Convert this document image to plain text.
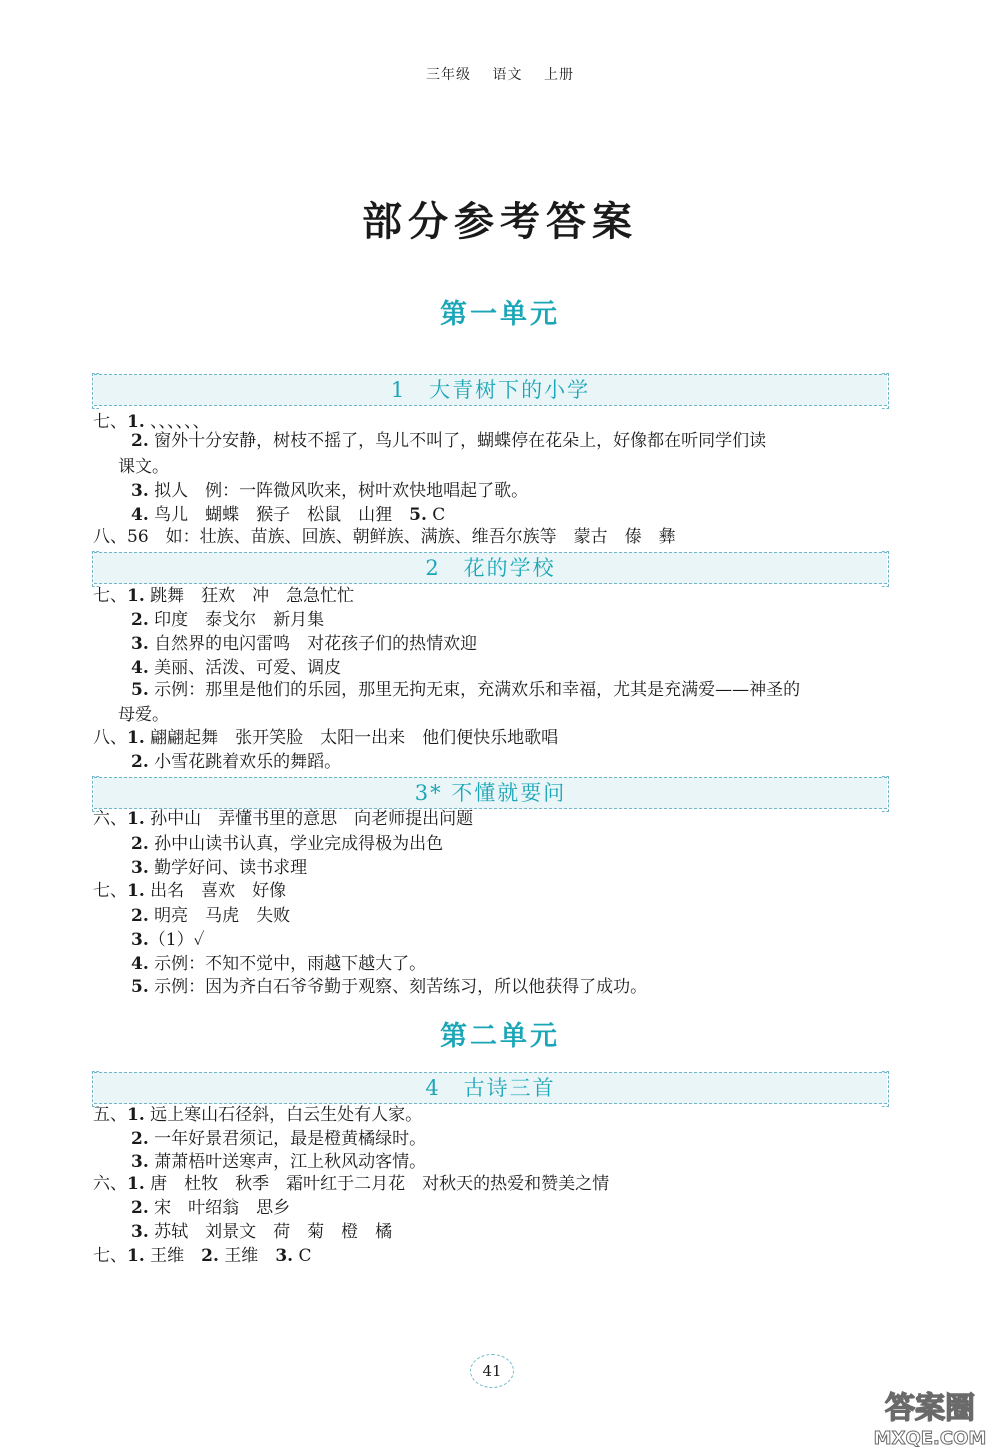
三年级 语文 上册
部分参考答案
第一单元
1　大青树下的小学
七、1. 、、、、、、
2. 窗外十分安静，树枝不摇了，鸟儿不叫了，蝴蝶停在花朵上，好像都在听同学们读
课文。
3. 拟人　例：一阵微风吹来，树叶欢快地唱起了歌。
4. 鸟儿　蝴蝶　猴子　松鼠　山狸　5. C
八、56　如：壮族、苗族、回族、朝鲜族、满族、维吾尔族等　蒙古　傣　彝
2　花的学校
七、1. 跳舞　狂欢　冲　急急忙忙
2. 印度　泰戈尔　新月集
3. 自然界的电闪雷鸣　对花孩子们的热情欢迎
4. 美丽、活泼、可爱、调皮
5. 示例：那里是他们的乐园，那里无拘无束，充满欢乐和幸福，尤其是充满爱——神圣的
母爱。
八、1. 翩翩起舞　张开笑脸　太阳一出来　他们便快乐地歌唱
2. 小雪花跳着欢乐的舞蹈。
3* 不懂就要问
六、1. 孙中山　弄懂书里的意思　向老师提出问题
2. 孙中山读书认真，学业完成得极为出色
3. 勤学好问、读书求理
七、1. 出名　喜欢　好像
2. 明亮　马虎　失败
3.（1）✓
4. 示例：不知不觉中，雨越下越大了。
5. 示例：因为齐白石爷爷勤于观察、刻苦练习，所以他获得了成功。
第二单元
4　古诗三首
五、1. 远上寒山石径斜，白云生处有人家。
2. 一年好景君须记，最是橙黄橘绿时。
3. 萧萧梧叶送寒声，江上秋风动客情。
六、1. 唐　杜牧　秋季　霜叶红于二月花　对秋天的热爱和赞美之情
2. 宋　叶绍翁　思乡
3. 苏轼　刘景文　荷　菊　橙　橘
七、1. 王维　2. 王维　3. C
41
答案圈
MXQE.COM
